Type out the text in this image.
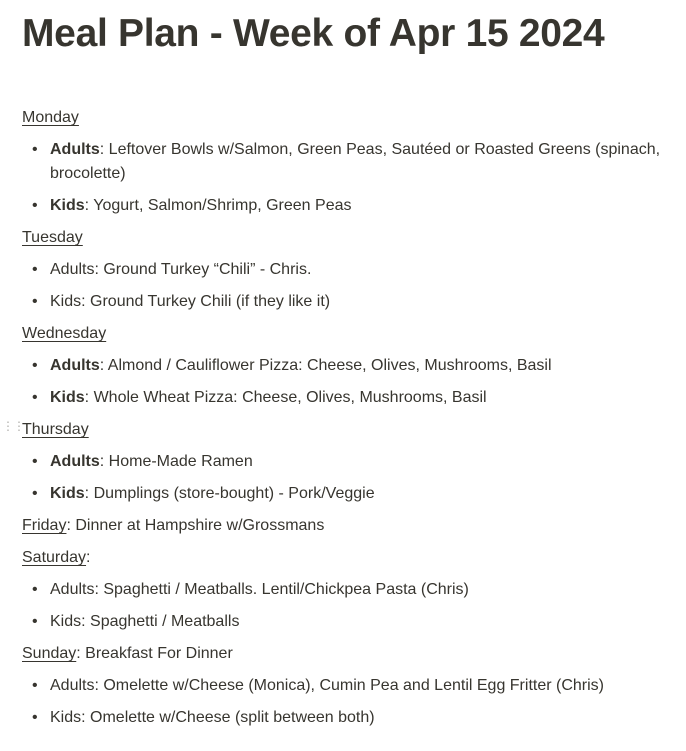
Meal Plan - Week of Apr 15 2024
Monday
• Adults: Leftover Bowls w/Salmon, Green Peas, Sautéed or Roasted Greens (spinach, brocolette)
• Kids: Yogurt, Salmon/Shrimp, Green Peas
Tuesday
• Adults: Ground Turkey “Chili” - Chris.
• Kids: Ground Turkey Chili (if they like it)
Wednesday
• Adults: Almond / Cauliflower Pizza: Cheese, Olives, Mushrooms, Basil
• Kids: Whole Wheat Pizza: Cheese, Olives, Mushrooms, Basil
⋮⋮
Thursday
• Adults: Home-Made Ramen
• Kids: Dumplings (store-bought) - Pork/Veggie
Friday: Dinner at Hampshire w/Grossmans
Saturday:
• Adults: Spaghetti / Meatballs. Lentil/Chickpea Pasta (Chris)
• Kids: Spaghetti / Meatballs
Sunday: Breakfast For Dinner
• Adults: Omelette w/Cheese (Monica), Cumin Pea and Lentil Egg Fritter (Chris)
• Kids: Omelette w/Cheese (split between both)
